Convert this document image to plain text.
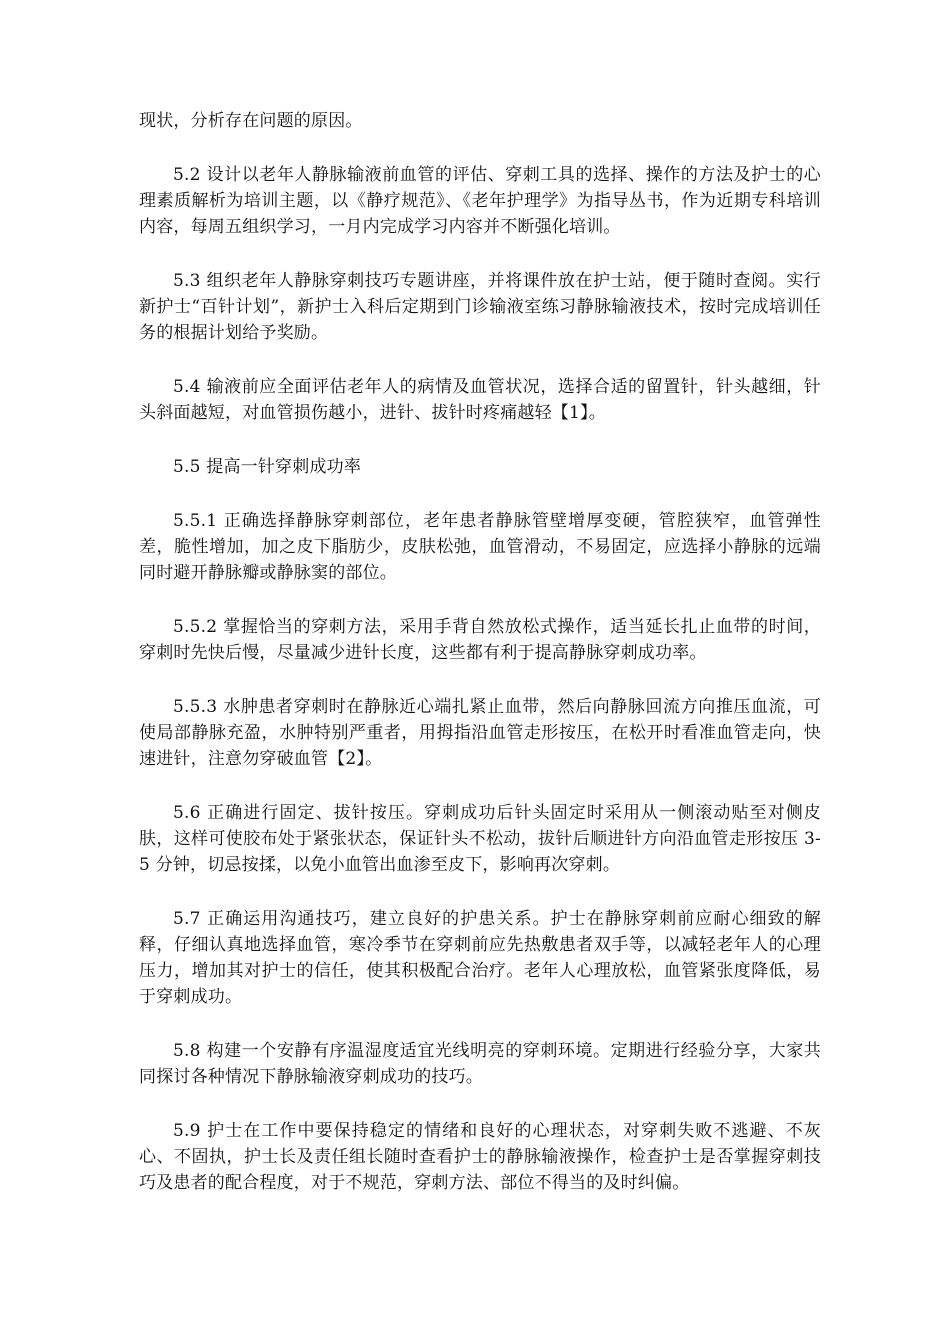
现状，分析存在问题的原因。

5.2 设计以老年人静脉输液前血管的评估、穿刺工具的选择、操作的方法及护士的心理素质解析为培训主题，以《静疗规范》、《老年护理学》为指导丛书，作为近期专科培训内容，每周五组织学习，一月内完成学习内容并不断强化培训。

5.3 组织老年人静脉穿刺技巧专题讲座，并将课件放在护士站，便于随时查阅。实行新护士“百针计划”，新护士入科后定期到门诊输液室练习静脉输液技术，按时完成培训任务的根据计划给予奖励。

5.4 输液前应全面评估老年人的病情及血管状况，选择合适的留置针，针头越细，针头斜面越短，对血管损伤越小，进针、拔针时疼痛越轻【1】。

5.5 提高一针穿刺成功率

5.5.1 正确选择静脉穿刺部位，老年患者静脉管壁增厚变硬，管腔狭窄，血管弹性差，脆性增加，加之皮下脂肪少，皮肤松弛，血管滑动，不易固定，应选择小静脉的远端同时避开静脉瓣或静脉窦的部位。

5.5.2 掌握恰当的穿刺方法，采用手背自然放松式操作，适当延长扎止血带的时间，穿刺时先快后慢，尽量减少进针长度，这些都有利于提高静脉穿刺成功率。

5.5.3 水肿患者穿刺时在静脉近心端扎紧止血带，然后向静脉回流方向推压血流，可使局部静脉充盈，水肿特别严重者，用拇指沿血管走形按压，在松开时看准血管走向，快速进针，注意勿穿破血管【2】。

5.6 正确进行固定、拔针按压。穿刺成功后针头固定时采用从一侧滚动贴至对侧皮肤，这样可使胶布处于紧张状态，保证针头不松动，拔针后顺进针方向沿血管走形按压 3-5 分钟，切忌按揉，以免小血管出血渗至皮下，影响再次穿刺。

5.7 正确运用沟通技巧，建立良好的护患关系。护士在静脉穿刺前应耐心细致的解释，仔细认真地选择血管，寒冷季节在穿刺前应先热敷患者双手等，以减轻老年人的心理压力，增加其对护士的信任，使其积极配合治疗。老年人心理放松，血管紧张度降低，易于穿刺成功。

5.8 构建一个安静有序温湿度适宜光线明亮的穿刺环境。定期进行经验分享，大家共同探讨各种情况下静脉输液穿刺成功的技巧。

5.9 护士在工作中要保持稳定的情绪和良好的心理状态，对穿刺失败不逃避、不灰心、不固执，护士长及责任组长随时查看护士的静脉输液操作，检查护士是否掌握穿刺技巧及患者的配合程度，对于不规范，穿刺方法、部位不得当的及时纠偏。
